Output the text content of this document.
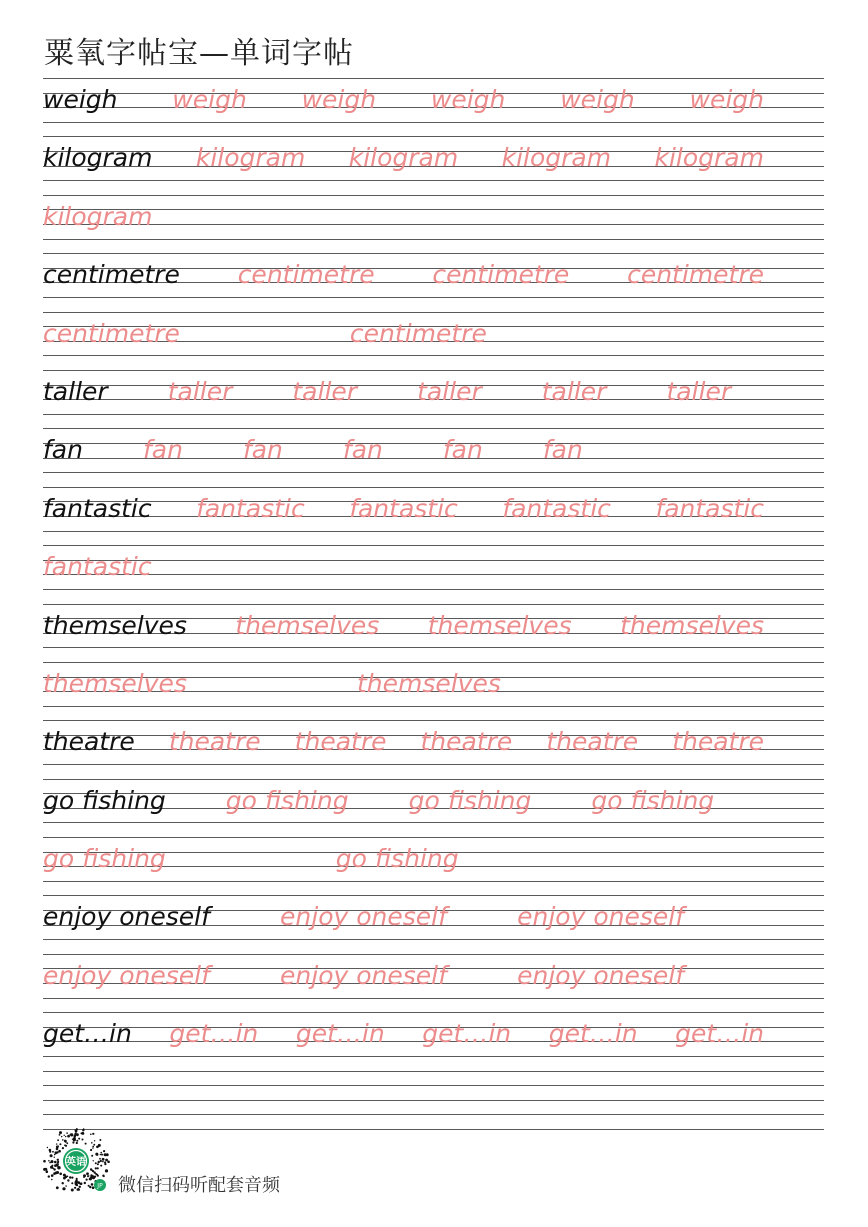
粟氧字帖宝—单词字帖
weigh weigh weigh weigh weigh weigh
kilogram kilogram kilogram kilogram kilogram
kilogram
centimetre centimetre centimetre centimetre
centimetre	centimetre
taller taller taller taller taller taller
fan fan fan fan fan fan
fantastic fantastic fantastic fantastic fantastic
fantastic
themselves themselves themselves themselves
themselves	themselves
theatre theatre theatre theatre theatre theatre
go fishing go fishing go fishing go fishing
go fishing	go fishing
enjoy oneself	enjoy oneself	enjoy oneself
enjoy oneself	enjoy oneself	enjoy oneself
get…in get…in get…in get…in get…in get…in
英语
JP 微信扫码听配套音频
